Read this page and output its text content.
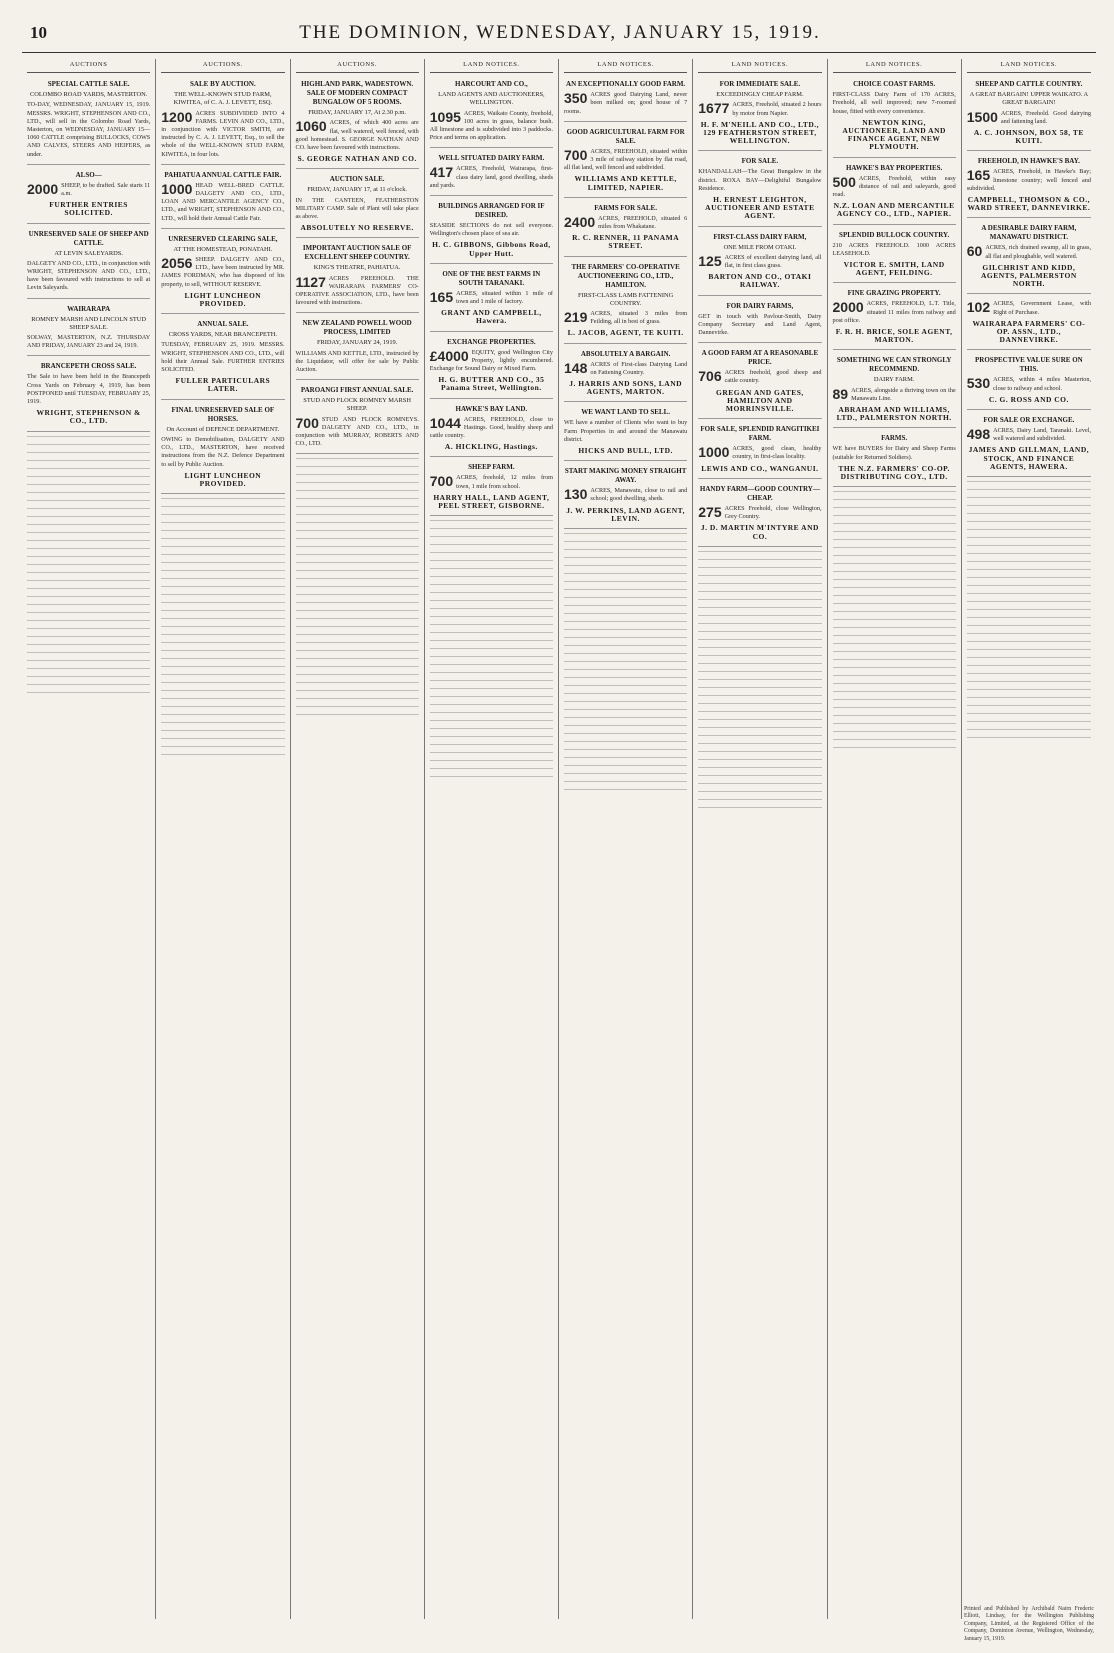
10	THE DOMINION, WEDNESDAY, JANUARY 15, 1919.
AUCTIONS
SPECIAL CATTLE SALE.
COLOMBO ROAD YARDS, MASTERTON.
TO-DAY, WEDNESDAY, JANUARY 15, 1919. MESSRS. WRIGHT, STEPHENSON AND CO., LTD., will sell in the Colombo Road Yards, Masterton, on WEDNESDAY, JANUARY 15— 1060 CATTLE comprising BULLOCKS, COWS AND CALVES, STEERS AND HEIFERS, as under.
ALSO—
2000 SHEEP, to be drafted. Sale starts 11 a.m.
FURTHER ENTRIES SOLICITED.
UNRESERVED SALE OF SHEEP AND CATTLE.
AT LEVIN SALEYARDS.
DALGETY AND CO., LTD., in conjunction with WRIGHT, STEPHENSON AND CO., LTD., have been favoured with instructions to sell at Levin Saleyards.
WAIRARAPA
ROMNEY MARSH AND LINCOLN STUD SHEEP SALE.
SOLWAY, MASTERTON, N.Z. THURSDAY AND FRIDAY, JANUARY 23 and 24, 1919.
BRANCEPETH CROSS SALE.
The Sale to have been held in the Brancepeth Cross Yards on February 4, 1919, has been POSTPONED until TUESDAY, FEBRUARY 25, 1919.
WRIGHT, STEPHENSON & CO., LTD.
AUCTIONS.
SALE BY AUCTION.
THE WELL-KNOWN STUD FARM, KIWITEA, of C. A. J. LEVETT, ESQ.
1200 ACRES SUBDIVIDED INTO 4 FARMS. LEVIN AND CO., LTD., in conjunction with VICTOR SMITH, are instructed by C. A. J. LEVETT, Esq., to sell the whole of the WELL-KNOWN STUD FARM, KIWITEA, in four lots.
PAHIATUA ANNUAL CATTLE FAIR.
1000 HEAD WELL-BRED CATTLE. DALGETY AND CO., LTD., LOAN AND MERCANTILE AGENCY CO., LTD., and WRIGHT, STEPHENSON AND CO., LTD., will hold their Annual Cattle Fair.
UNRESERVED CLEARING SALE,
AT THE HOMESTEAD, PONATAHI.
2056 SHEEP. DALGETY AND CO., LTD., have been instructed by MR. JAMES FORDMAN, who has disposed of his property, to sell, WITHOUT RESERVE.
LIGHT LUNCHEON PROVIDED.
ANNUAL SALE.
CROSS YARDS, NEAR BRANCEPETH.
TUESDAY, FEBRUARY 25, 1919. MESSRS. WRIGHT, STEPHENSON AND CO., LTD., will hold their Annual Sale. FURTHER ENTRIES SOLICITED.
FULLER PARTICULARS LATER.
FINAL UNRESERVED SALE OF HORSES.
On Account of DEFENCE DEPARTMENT.
OWING to Demobilisation, DALGETY AND CO., LTD., MASTERTON, have received instructions from the N.Z. Defence Department to sell by Public Auction.
LIGHT LUNCHEON PROVIDED.
AUCTIONS.
HIGHLAND PARK, WADESTOWN. SALE OF MODERN COMPACT BUNGALOW OF 5 ROOMS.
FRIDAY, JANUARY 17, At 2.30 p.m.
1060 ACRES, of which 400 acres are flat, well watered, well fenced, with good homestead. S. GEORGE NATHAN AND CO. have been favoured with instructions.
S. GEORGE NATHAN AND CO.
AUCTION SALE.
FRIDAY, JANUARY 17, at 11 o'clock.
IN THE CANTEEN, FEATHERSTON MILITARY CAMP. Sale of Plant will take place as above.
ABSOLUTELY NO RESERVE.
IMPORTANT AUCTION SALE OF EXCELLENT SHEEP COUNTRY.
KING'S THEATRE, PAHIATUA.
1127 ACRES FREEHOLD. THE WAIRARAPA FARMERS' CO-OPERATIVE ASSOCIATION, LTD., have been favoured with instructions.
NEW ZEALAND POWELL WOOD PROCESS, LIMITED
FRIDAY, JANUARY 24, 1919.
WILLIAMS AND KETTLE, LTD., instructed by the Liquidator, will offer for sale by Public Auction.
PAROANGI FIRST ANNUAL SALE.
STUD AND FLOCK ROMNEY MARSH SHEEP.
700 STUD AND FLOCK ROMNEYS. DALGETY AND CO., LTD., in conjunction with MURRAY, ROBERTS AND CO., LTD.
LAND NOTICES.
HARCOURT AND CO.,
LAND AGENTS AND AUCTIONEERS, WELLINGTON.
1095 ACRES, Waikato County, freehold, 100 acres in grass, balance bush. All limestone and is subdivided into 3 paddocks. Price and terms on application.
WELL SITUATED DAIRY FARM.
417 ACRES, Freehold, Wairarapa, first-class dairy land, good dwelling, sheds and yards.
BUILDINGS ARRANGED FOR IF DESIRED.
SEASIDE SECTIONS do not sell everyone. Wellington's chosen place of sea air.
H. C. GIBBONS, Gibbons Road, Upper Hutt.
ONE OF THE BEST FARMS IN SOUTH TARANAKI.
165 ACRES, situated within 1 mile of town and 1 mile of factory.
GRANT AND CAMPBELL, Hawera.
EXCHANGE PROPERTIES.
£4000 EQUITY, good Wellington City Property, lightly encumbered. Exchange for Sound Dairy or Mixed Farm.
H. G. BUTTER AND CO., 35 Panama Street, Wellington.
HAWKE'S BAY LAND.
1044 ACRES, FREEHOLD, close to Hastings. Good, healthy sheep and cattle country.
A. HICKLING, Hastings.
SHEEP FARM.
700 ACRES, freehold, 12 miles from town, 1 mile from school.
HARRY HALL, LAND AGENT, PEEL STREET, GISBORNE.
LAND NOTICES.
AN EXCEPTIONALLY GOOD FARM.
350 ACRES good Dairying Land, never been milked on; good house of 7 rooms.
GOOD AGRICULTURAL FARM FOR SALE.
700 ACRES, FREEHOLD, situated within 3 mile of railway station by flat road, all flat land, well fenced and subdivided.
WILLIAMS AND KETTLE, LIMITED, NAPIER.
FARMS FOR SALE.
2400 ACRES, FREEHOLD, situated 6 miles from Whakatane.
R. C. RENNER, 11 PANAMA STREET.
THE FARMERS' CO-OPERATIVE AUCTIONEERING CO., LTD., HAMILTON.
FIRST-CLASS LAMB FATTENING COUNTRY.
219 ACRES, situated 3 miles from Feilding, all in best of grass.
L. JACOB, AGENT, TE KUITI.
ABSOLUTELY A BARGAIN.
148 ACRES of First-class Dairying Land on Fattening Country.
J. HARRIS AND SONS, LAND AGENTS, MARTON.
WE WANT LAND TO SELL.
WE have a number of Clients who want to buy Farm Properties in and around the Manawatu district.
HICKS AND BULL, LTD.
START MAKING MONEY STRAIGHT AWAY.
130 ACRES, Manawatu, close to rail and school; good dwelling, sheds.
J. W. PERKINS, LAND AGENT, LEVIN.
LAND NOTICES.
FOR IMMEDIATE SALE.
EXCEEDINGLY CHEAP FARM.
1677 ACRES, Freehold, situated 2 hours by motor from Napier.
H. F. M'NEILL AND CO., LTD., 129 FEATHERSTON STREET, WELLINGTON.
FOR SALE.
KHANDALLAH—The Great Bungalow in the district. ROXA BAY—Delightful Bungalow Residence.
H. ERNEST LEIGHTON, AUCTIONEER AND ESTATE AGENT.
FIRST-CLASS DAIRY FARM,
ONE MILE FROM OTAKI.
125 ACRES of excellent dairying land, all flat, in first class grass.
BARTON AND CO., OTAKI RAILWAY.
FOR DAIRY FARMS,
GET in touch with Pavlour-Smith, Dairy Company Secretary and Land Agent, Dannevirke.
A GOOD FARM AT A REASONABLE PRICE.
706 ACRES freehold, good sheep and cattle country.
GREGAN AND GATES, HAMILTON AND MORRINSVILLE.
FOR SALE, SPLENDID RANGITIKEI FARM.
1000 ACRES, good clean, healthy country, in first-class locality.
LEWIS AND CO., WANGANUI.
HANDY FARM—GOOD COUNTRY—CHEAP.
275 ACRES Freehold, close Wellington, Grey Country.
J. D. MARTIN M'INTYRE AND CO.
LAND NOTICES.
CHOICE COAST FARMS.
FIRST-CLASS Dairy Farm of 170 ACRES, Freehold, all well improved; new 7-roomed house, fitted with every convenience.
NEWTON KING, AUCTIONEER, LAND AND FINANCE AGENT, NEW PLYMOUTH.
HAWKE'S BAY PROPERTIES.
500 ACRES, Freehold, within easy distance of rail and saleyards, good road.
N.Z. LOAN AND MERCANTILE AGENCY CO., LTD., NAPIER.
SPLENDID BULLOCK COUNTRY.
210 ACRES FREEHOLD. 1000 ACRES LEASEHOLD.
VICTOR E. SMITH, LAND AGENT, FEILDING.
FINE GRAZING PROPERTY.
2000 ACRES, FREEHOLD, L.T. Title, situated 11 miles from railway and post office.
F. R. H. BRICE, SOLE AGENT, MARTON.
SOMETHING WE CAN STRONGLY RECOMMEND.
DAIRY FARM.
89 ACRES, alongside a thriving town on the Manawatu Line.
ABRAHAM AND WILLIAMS, LTD., PALMERSTON NORTH.
FARMS.
WE have BUYERS for Dairy and Sheep Farms (suitable for Returned Soldiers).
THE N.Z. FARMERS' CO-OP. DISTRIBUTING COY., LTD.
LAND NOTICES.
SHEEP AND CATTLE COUNTRY.
A GREAT BARGAIN! UPPER WAIKATO. A GREAT BARGAIN!
1500 ACRES, Freehold. Good dairying and fattening land.
A. C. JOHNSON, BOX 58, TE KUITI.
FREEHOLD, IN HAWKE'S BAY.
165 ACRES, Freehold, in Hawke's Bay; limestone country; well fenced and subdivided.
CAMPBELL, THOMSON & CO., WARD STREET, DANNEVIRKE.
A DESIRABLE DAIRY FARM, MANAWATU DISTRICT.
60 ACRES, rich drained swamp, all in grass, all flat and ploughable, well watered.
GILCHRIST AND KIDD, AGENTS, PALMERSTON NORTH.
102 ACRES, Government Lease, with Right of Purchase.
WAIRARAPA FARMERS' CO-OP. ASSN., LTD., DANNEVIRKE.
PROSPECTIVE VALUE SURE ON THIS.
530 ACRES, within 4 miles Masterton, close to railway and school.
C. G. ROSS AND CO.
FOR SALE OR EXCHANGE.
498 ACRES, Dairy Land, Taranaki. Level, well watered and subdivided.
JAMES AND GILLMAN, LAND, STOCK, AND FINANCE AGENTS, HAWERA.
Printed and Published by Archibald Nairn Frederic Elliott, Lindsay, for the Wellington Publishing Company, Limited, at the Registered Office of the Company, Dominion Avenue, Wellington, Wednesday, January 15, 1919.
